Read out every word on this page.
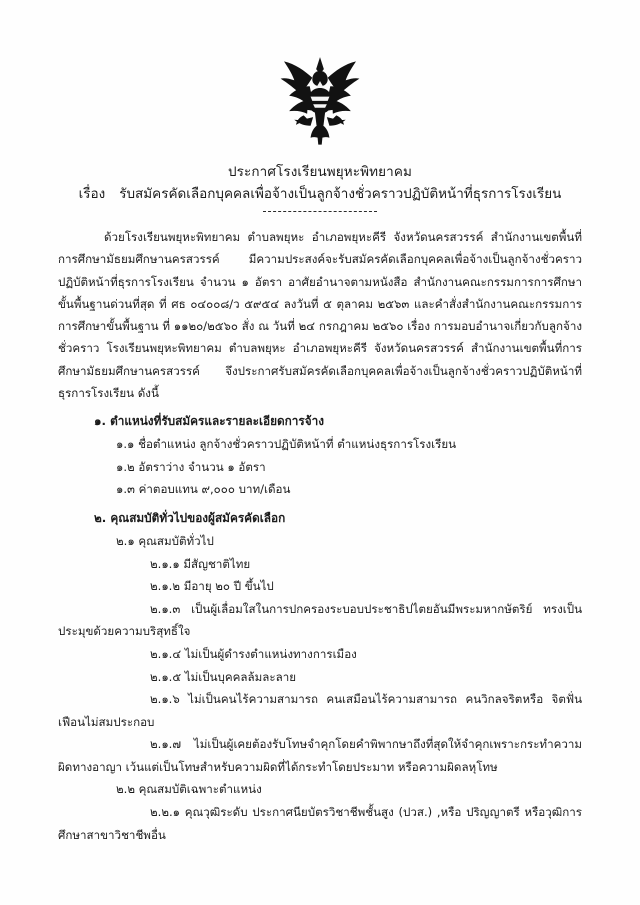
ประกาศโรงเรียนพยุหะพิทยาคม
เรื่อง รับสมัครคัดเลือกบุคคลเพื่อจ้างเป็นลูกจ้างชั่วคราวปฏิบัติหน้าที่ธุรการโรงเรียน

ด้วยโรงเรียนพยุหะพิทยาคม ตำบลพยุหะ อำเภอพยุหะคีรี จังหวัดนครสวรรค์ สำนักงานเขตพื้นที่การศึกษามัธยมศึกษานครสวรรค์ มีความประสงค์จะรับสมัครคัดเลือกบุคคลเพื่อจ้างเป็นลูกจ้างชั่วคราวปฏิบัติหน้าที่ธุรการโรงเรียน จำนวน ๑ อัตรา อาศัยอำนาจตามหนังสือ สำนักงานคณะกรรมการการศึกษา ขั้นพื้นฐานด่วนที่สุด ที่ ศธ ๐๔๐๐๘/ว ๕๙๕๔ ลงวันที่ ๕ ตุลาคม ๒๕๖๓ และคำสั่งสำนักงานคณะกรรมการการศึกษาขั้นพื้นฐาน ที่ ๑๑๒๐/๒๕๖๐ สั่ง ณ วันที่ ๒๔ กรกฎาคม ๒๕๖๐ เรื่อง การมอบอำนาจเกี่ยวกับลูกจ้างชั่วคราว โรงเรียนพยุหะพิทยาคม ตำบลพยุหะ อำเภอพยุหะคีรี จังหวัดนครสวรรค์ สำนักงานเขตพื้นที่การศึกษามัธยมศึกษานครสวรรค์ จึงประกาศรับสมัครคัดเลือกบุคคลเพื่อจ้างเป็นลูกจ้างชั่วคราวปฏิบัติหน้าที่ธุรการโรงเรียน ดังนี้

๑. ตำแหน่งที่รับสมัครและรายละเอียดการจ้าง

๑.๑ ชื่อตำแหน่ง ลูกจ้างชั่วคราวปฏิบัติหน้าที่ ตำแหน่งธุรการโรงเรียน

๑.๒ อัตราว่าง จำนวน ๑ อัตรา

๑.๓ ค่าตอบแทน ๙,๐๐๐ บาท/เดือน

๒. คุณสมบัติทั่วไปของผู้สมัครคัดเลือก

๒.๑ คุณสมบัติทั่วไป

๒.๑.๑ มีสัญชาติไทย

๒.๑.๒ มีอายุ ๒๐ ปี ขึ้นไป

๒.๑.๓ เป็นผู้เลื่อมใสในการปกครองระบอบประชาธิปไตยอันมีพระมหากษัตริย์ ทรงเป็น ประมุขด้วยความบริสุทธิ์ใจ

๒.๑.๔ ไม่เป็นผู้ดำรงตำแหน่งทางการเมือง

๒.๑.๕ ไม่เป็นบุคคลล้มละลาย

๒.๑.๖ ไม่เป็นคนไร้ความสามารถ คนเสมือนไร้ความสามารถ คนวิกลจริตหรือ จิตฟั่นเฟือนไม่สมประกอบ

๒.๑.๗ ไม่เป็นผู้เคยต้องรับโทษจำคุกโดยคำพิพากษาถึงที่สุดให้จำคุกเพราะกระทำความผิดทางอาญา เว้นแต่เป็นโทษสำหรับความผิดที่ได้กระทำโดยประมาท หรือความผิดลหุโทษ

๒.๒ คุณสมบัติเฉพาะตำแหน่ง

๒.๒.๑ คุณวุฒิระดับ ประกาศนียบัตรวิชาชีพชั้นสูง (ปวส.) ,หรือ ปริญญาตรี หรือวุฒิการศึกษาสาขาวิชาชีพอื่น
